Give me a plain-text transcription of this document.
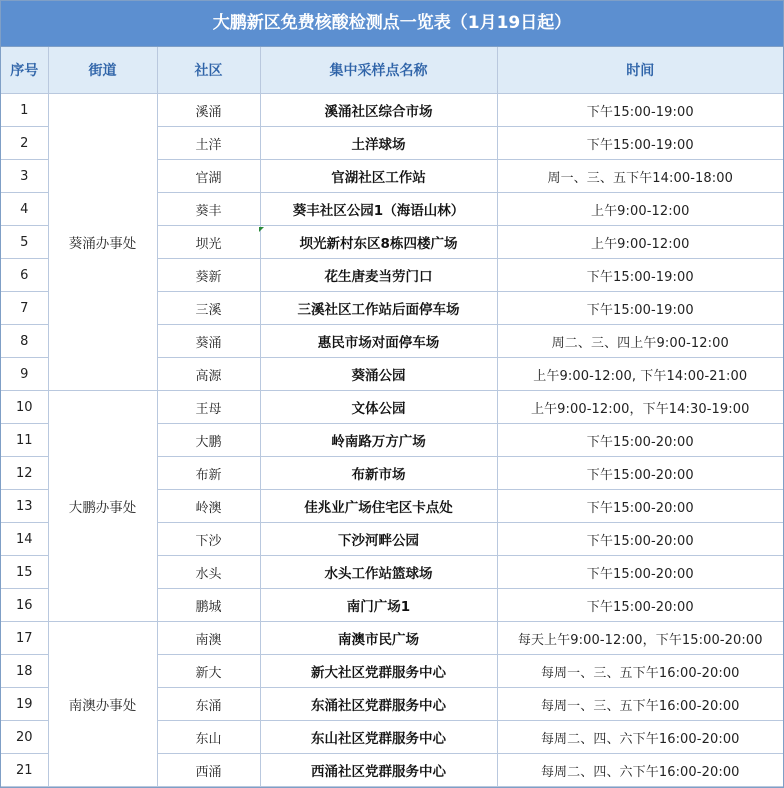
大鹏新区免费核酸检测点一览表（1月19日起）
序号	街道	社区	集中采样点名称	时间
1	葵涌办事处	溪涌	溪涌社区综合市场	下午15:00-19:00
2		土洋	土洋球场	下午15:00-19:00
3		官湖	官湖社区工作站	周一、三、五下午14:00-18:00
4		葵丰	葵丰社区公园1（海语山林）	上午9:00-12:00
5		坝光	坝光新村东区8栋四楼广场	上午9:00-12:00
6		葵新	花生唐麦当劳门口	下午15:00-19:00
7		三溪	三溪社区工作站后面停车场	下午15:00-19:00
8		葵涌	惠民市场对面停车场	周二、三、四上午9:00-12:00
9		高源	葵涌公园	上午9:00-12:00, 下午14:00-21:00
10	大鹏办事处	王母	文体公园	上午9:00-12:00，下午14:30-19:00
11		大鹏	岭南路万方广场	下午15:00-20:00
12		布新	布新市场	下午15:00-20:00
13		岭澳	佳兆业广场住宅区卡点处	下午15:00-20:00
14		下沙	下沙河畔公园	下午15:00-20:00
15		水头	水头工作站篮球场	下午15:00-20:00
16		鹏城	南门广场1	下午15:00-20:00
17	南澳办事处	南澳	南澳市民广场	每天上午9:00-12:00，下午15:00-20:00
18		新大	新大社区党群服务中心	每周一、三、五下午16:00-20:00
19		东涌	东涌社区党群服务中心	每周一、三、五下午16:00-20:00
20		东山	东山社区党群服务中心	每周二、四、六下午16:00-20:00
21		西涌	西涌社区党群服务中心	每周二、四、六下午16:00-20:00
